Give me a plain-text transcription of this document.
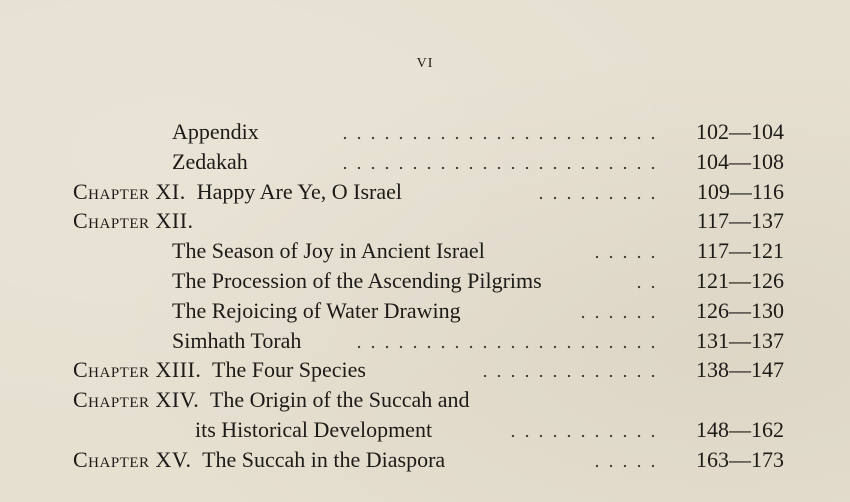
VI
Appendix	102—104
Zedakah	104—108
Chapter XI. Happy Are Ye, O Israel	109—116
Chapter XII.	117—137
The Season of Joy in Ancient Israel	117—121
The Procession of the Ascending Pilgrims	121—126
The Rejoicing of Water Drawing	126—130
Simhath Torah	131—137
Chapter XIII. The Four Species	138—147
Chapter XIV. The Origin of the Succah and
its Historical Development	148—162
Chapter XV. The Succah in the Diaspora	163—173
